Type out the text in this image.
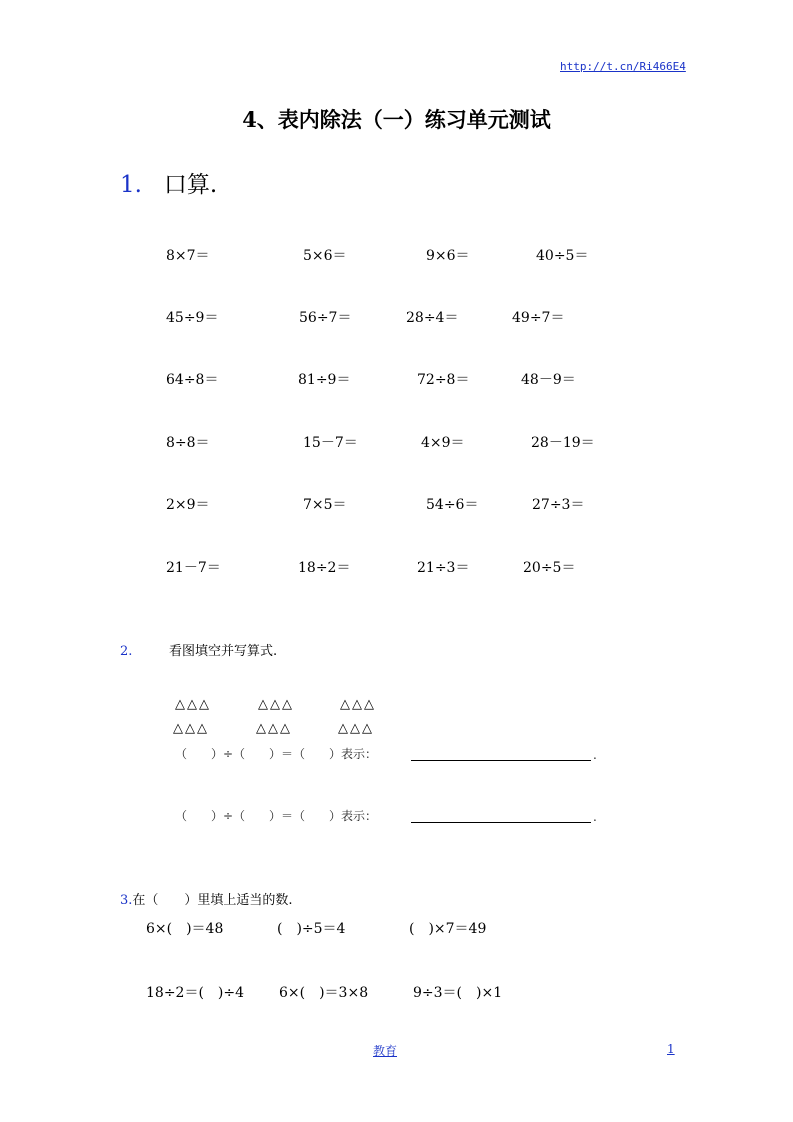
http://t.cn/Ri466E4
4、表内除法（一）练习单元测试
1. 口算.
8×7＝	5×6＝	9×6＝	40÷5＝
45÷9＝	56÷7＝	28÷4＝	49÷7＝
64÷8＝	81÷9＝	72÷8＝	48－9＝
8÷8＝	15－7＝	4×9＝	28－19＝
2×9＝	7×5＝	54÷6＝	27÷3＝
21－7＝	18÷2＝	21÷3＝	20÷5＝
2.	看图填空并写算式.
△△△	△△△	△△△
△△△	△△△	△△△
（　　）÷（　　）＝（　　）表示：	.
（　　）÷（　　）＝（　　）表示：	.
3.在（　　）里填上适当的数.
6×(　)＝48	(　)÷5＝4	(　)×7＝49
18÷2＝(　)÷4 6×(　)＝3×8	9÷3＝(　)×1
教育	1
